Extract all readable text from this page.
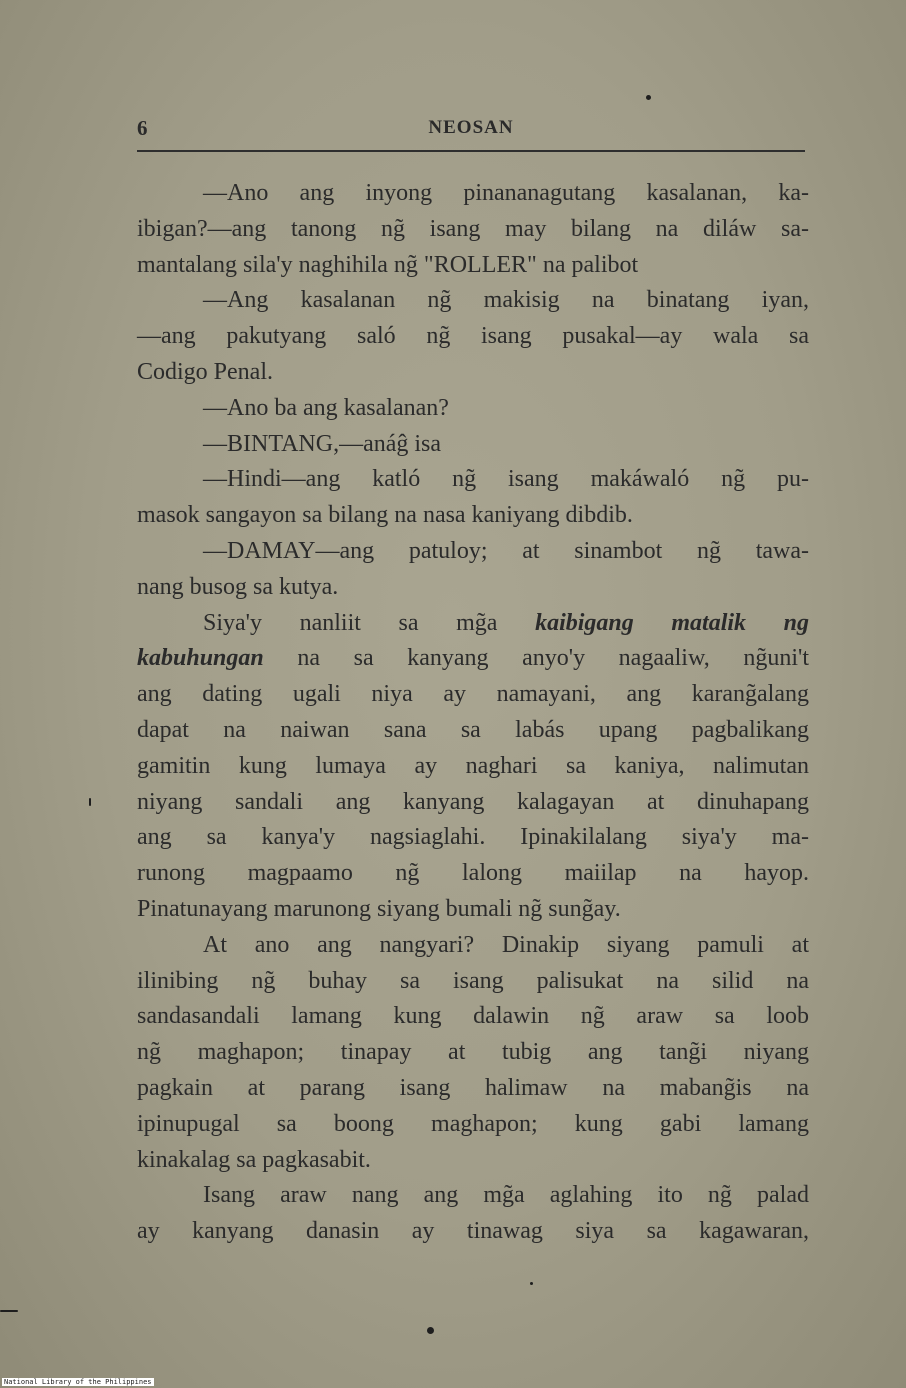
6	NEOSAN
—Ano ang inyong pinananagutang kasalanan, ka-
ibigan?—ang tanong ng̃ isang may bilang na diláw sa-
mantalang sila'y naghihila ng̃ "ROLLER" na palibot
—Ang kasalanan ng̃ makisig na binatang iyan,
—ang pakutyang saló ng̃ isang pusakal—ay wala sa
Codigo Penal.
—Ano ba ang kasalanan?
—BINTANG,—anáĝ isa
—Hindi—ang katló ng̃ isang makáwaló ng̃ pu-
masok sangayon sa bilang na nasa kaniyang dibdib.
—DAMAY—ang patuloy; at sinambot ng̃ tawa-
nang busog sa kutya.
Siya'y nanliit sa mg̃a kaibigang matalik ng
kabuhungan na sa kanyang anyo'y nagaaliw, ng̃uni't
ang dating ugali niya ay namayani, ang karang̃alang
dapat na naiwan sana sa labás upang pagbalikang
gamitin kung lumaya ay naghari sa kaniya, nalimutan
niyang sandali ang kanyang kalagayan at dinuhapang
ang sa kanya'y nagsiaglahi. Ipinakilalang siya'y ma-
runong magpaamo ng̃ lalong maiilap na hayop.
Pinatunayang marunong siyang bumali ng̃ sung̃ay.
At ano ang nangyari? Dinakip siyang pamuli at
ilinibing ng̃ buhay sa isang palisukat na silid na
sandasandali lamang kung dalawin ng̃ araw sa loob
ng̃ maghapon; tinapay at tubig ang tang̃i niyang
pagkain at parang isang halimaw na mabang̃is na
ipinupugal sa boong maghapon; kung gabi lamang
kinakalag sa pagkasabit.
Isang araw nang ang mg̃a aglahing ito ng̃ palad
ay kanyang danasin ay tinawag siya sa kagawaran,
National Library of the Philippines
